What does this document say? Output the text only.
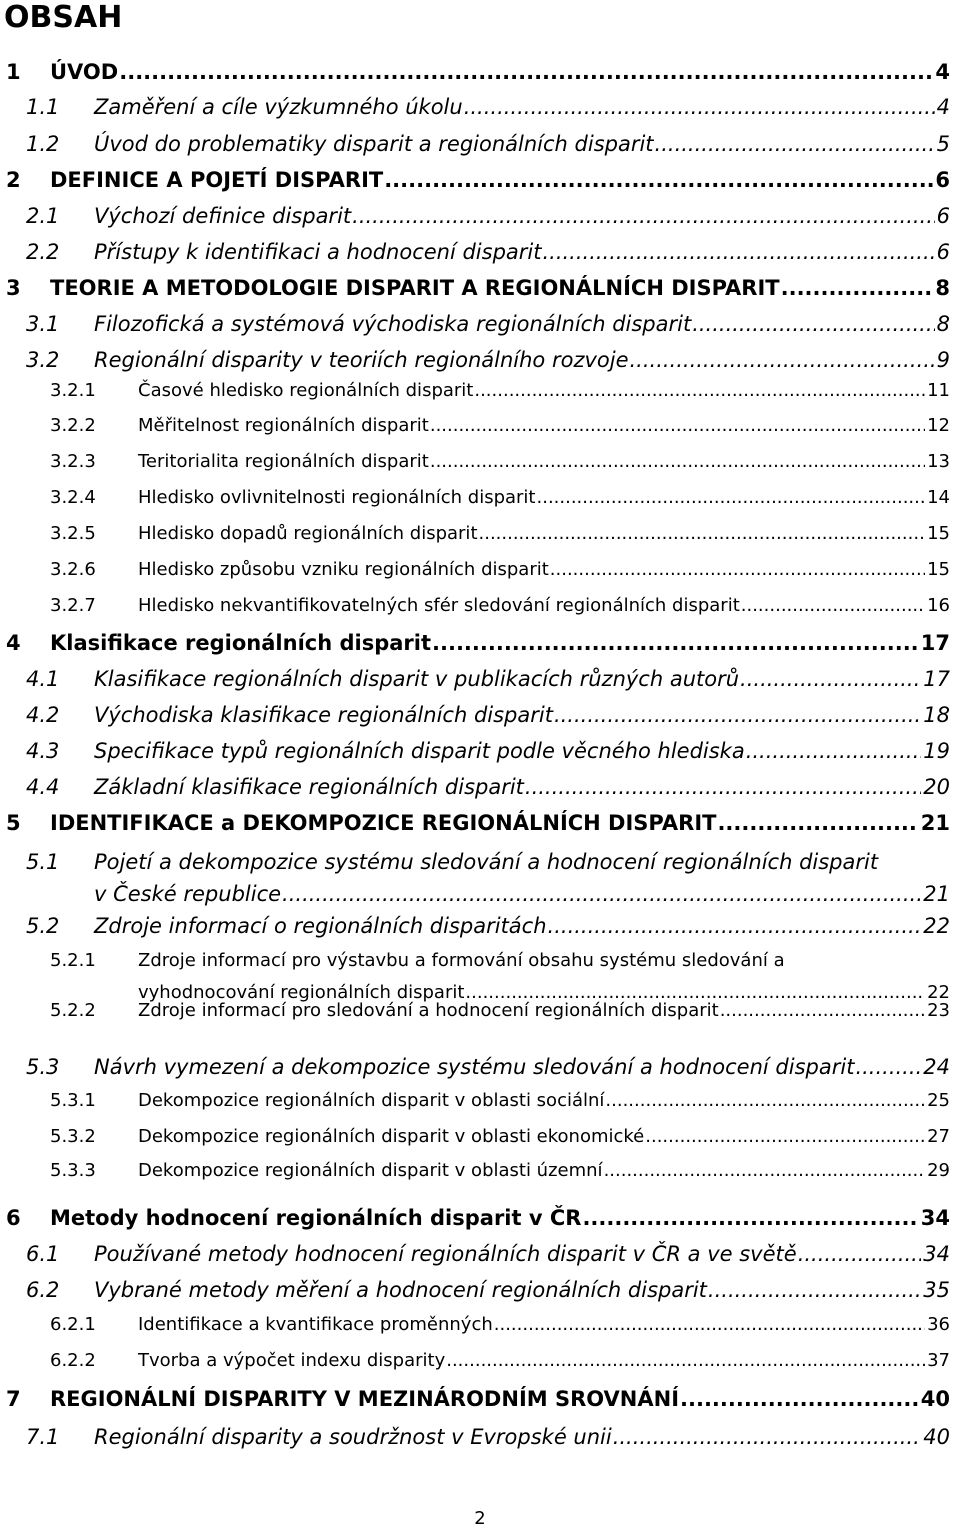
OBSAH
1	ÚVOD .....	4
1.1	Zaměření a cíle výzkumného úkolu .....	4
1.2	Úvod do problematiky disparit a regionálních disparit .....	5
2	DEFINICE A POJETÍ DISPARIT .....	6
2.1	Výchozí definice disparit .....	6
2.2	Přístupy k identifikaci a hodnocení disparit .....	6
3	TEORIE A METODOLOGIE DISPARIT A REGIONÁLNÍCH DISPARIT .....	8
3.1	Filozofická a systémová východiska regionálních disparit .....	8
3.2	Regionální disparity v teoriích regionálního rozvoje .....	9
3.2.1	Časové hledisko regionálních disparit .....	11
3.2.2	Měřitelnost regionálních disparit .....	12
3.2.3	Teritorialita regionálních disparit .....	13
3.2.4	Hledisko ovlivnitelnosti regionálních disparit .....	14
3.2.5	Hledisko dopadů regionálních disparit .....	15
3.2.6	Hledisko způsobu vzniku regionálních disparit .....	15
3.2.7	Hledisko nekvantifikovatelných sfér sledování regionálních disparit .....	16
4	Klasifikace regionálních disparit .....	17
4.1	Klasifikace regionálních disparit v publikacích různých autorů .....	17
4.2	Východiska klasifikace regionálních disparit .....	18
4.3	Specifikace typů regionálních disparit podle věcného hlediska .....	19
4.4	Základní klasifikace regionálních disparit .....	20
5	IDENTIFIKACE a DEKOMPOZICE REGIONÁLNÍCH DISPARIT .....	21
5.1	Pojetí a dekompozice systému sledování a hodnocení regionálních disparit
v České republice .....	21
5.2	Zdroje informací o regionálních disparitách .....	22
5.2.1	Zdroje informací pro výstavbu a formování obsahu systému sledování a
vyhodnocování regionálních disparit .....	22
5.2.2	Zdroje informací pro sledování a hodnocení regionálních disparit .....	23
5.3	Návrh vymezení a dekompozice systému sledování a hodnocení disparit .....	24
5.3.1	Dekompozice regionálních disparit v oblasti sociální .....	25
5.3.2	Dekompozice regionálních disparit v oblasti ekonomické .....	27
5.3.3	Dekompozice regionálních disparit v oblasti územní .....	29
6	Metody hodnocení regionálních disparit v ČR .....	34
6.1	Používané metody hodnocení regionálních disparit v ČR a ve světě .....	34
6.2	Vybrané metody měření a hodnocení regionálních disparit .....	35
6.2.1	Identifikace a kvantifikace proměnných .....	36
6.2.2	Tvorba a výpočet indexu disparity .....	37
7	REGIONÁLNÍ DISPARITY V MEZINÁRODNÍM SROVNÁNÍ .....	40
7.1	Regionální disparity a soudržnost v Evropské unii .....	40
2
